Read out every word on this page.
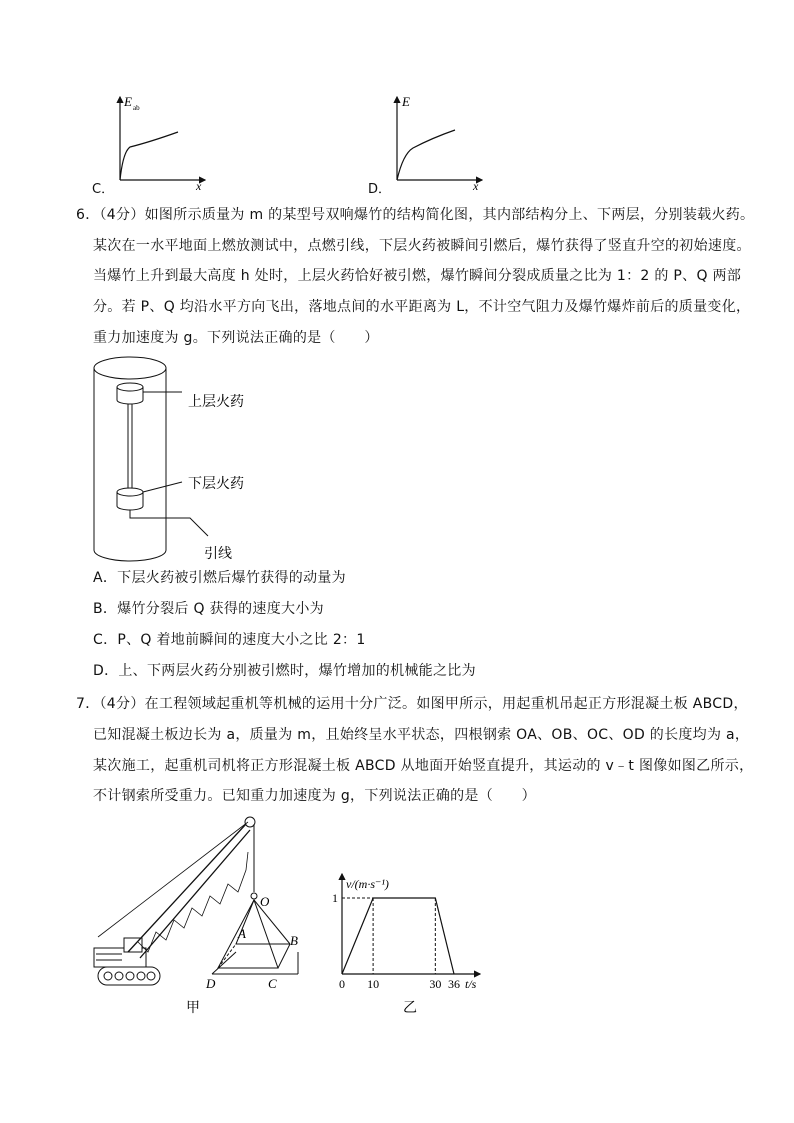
E ab
x
C．
E
x
D．
6．（4分）如图所示质量为 m 的某型号双响爆竹的结构简化图，其内部结构分上、下两层，分别装载火药。
某次在一水平地面上燃放测试中，点燃引线，下层火药被瞬间引燃后，爆竹获得了竖直升空的初始速度。
当爆竹上升到最大高度 h 处时，上层火药恰好被引燃，爆竹瞬间分裂成质量之比为 1：2 的 P、Q 两部
分。若 P、Q 均沿水平方向飞出，落地点间的水平距离为 L，不计空气阻力及爆竹爆炸前后的质量变化，
重力加速度为 g。下列说法正确的是（　　）
上层火药
下层火药
引线
A．下层火药被引燃后爆竹获得的动量为
B．爆竹分裂后 Q 获得的速度大小为
C．P、Q 着地前瞬间的速度大小之比 2：1
D．上、下两层火药分别被引燃时，爆竹增加的机械能之比为
7．（4分）在工程领域起重机等机械的运用十分广泛。如图甲所示，用起重机吊起正方形混凝土板 ABCD，
已知混凝土板边长为 a，质量为 m，且始终呈水平状态，四根钢索 OA、OB、OC、OD 的长度均为 a，
某次施工，起重机司机将正方形混凝土板 ABCD 从地面开始竖直提升，其运动的 v﹣t 图像如图乙所示，
不计钢索所受重力。已知重力加速度为 g，下列说法正确的是（　　）
O
A	B
C
D
甲
v/(m·s⁻¹)
t/s
1
0 10	30 36
乙
